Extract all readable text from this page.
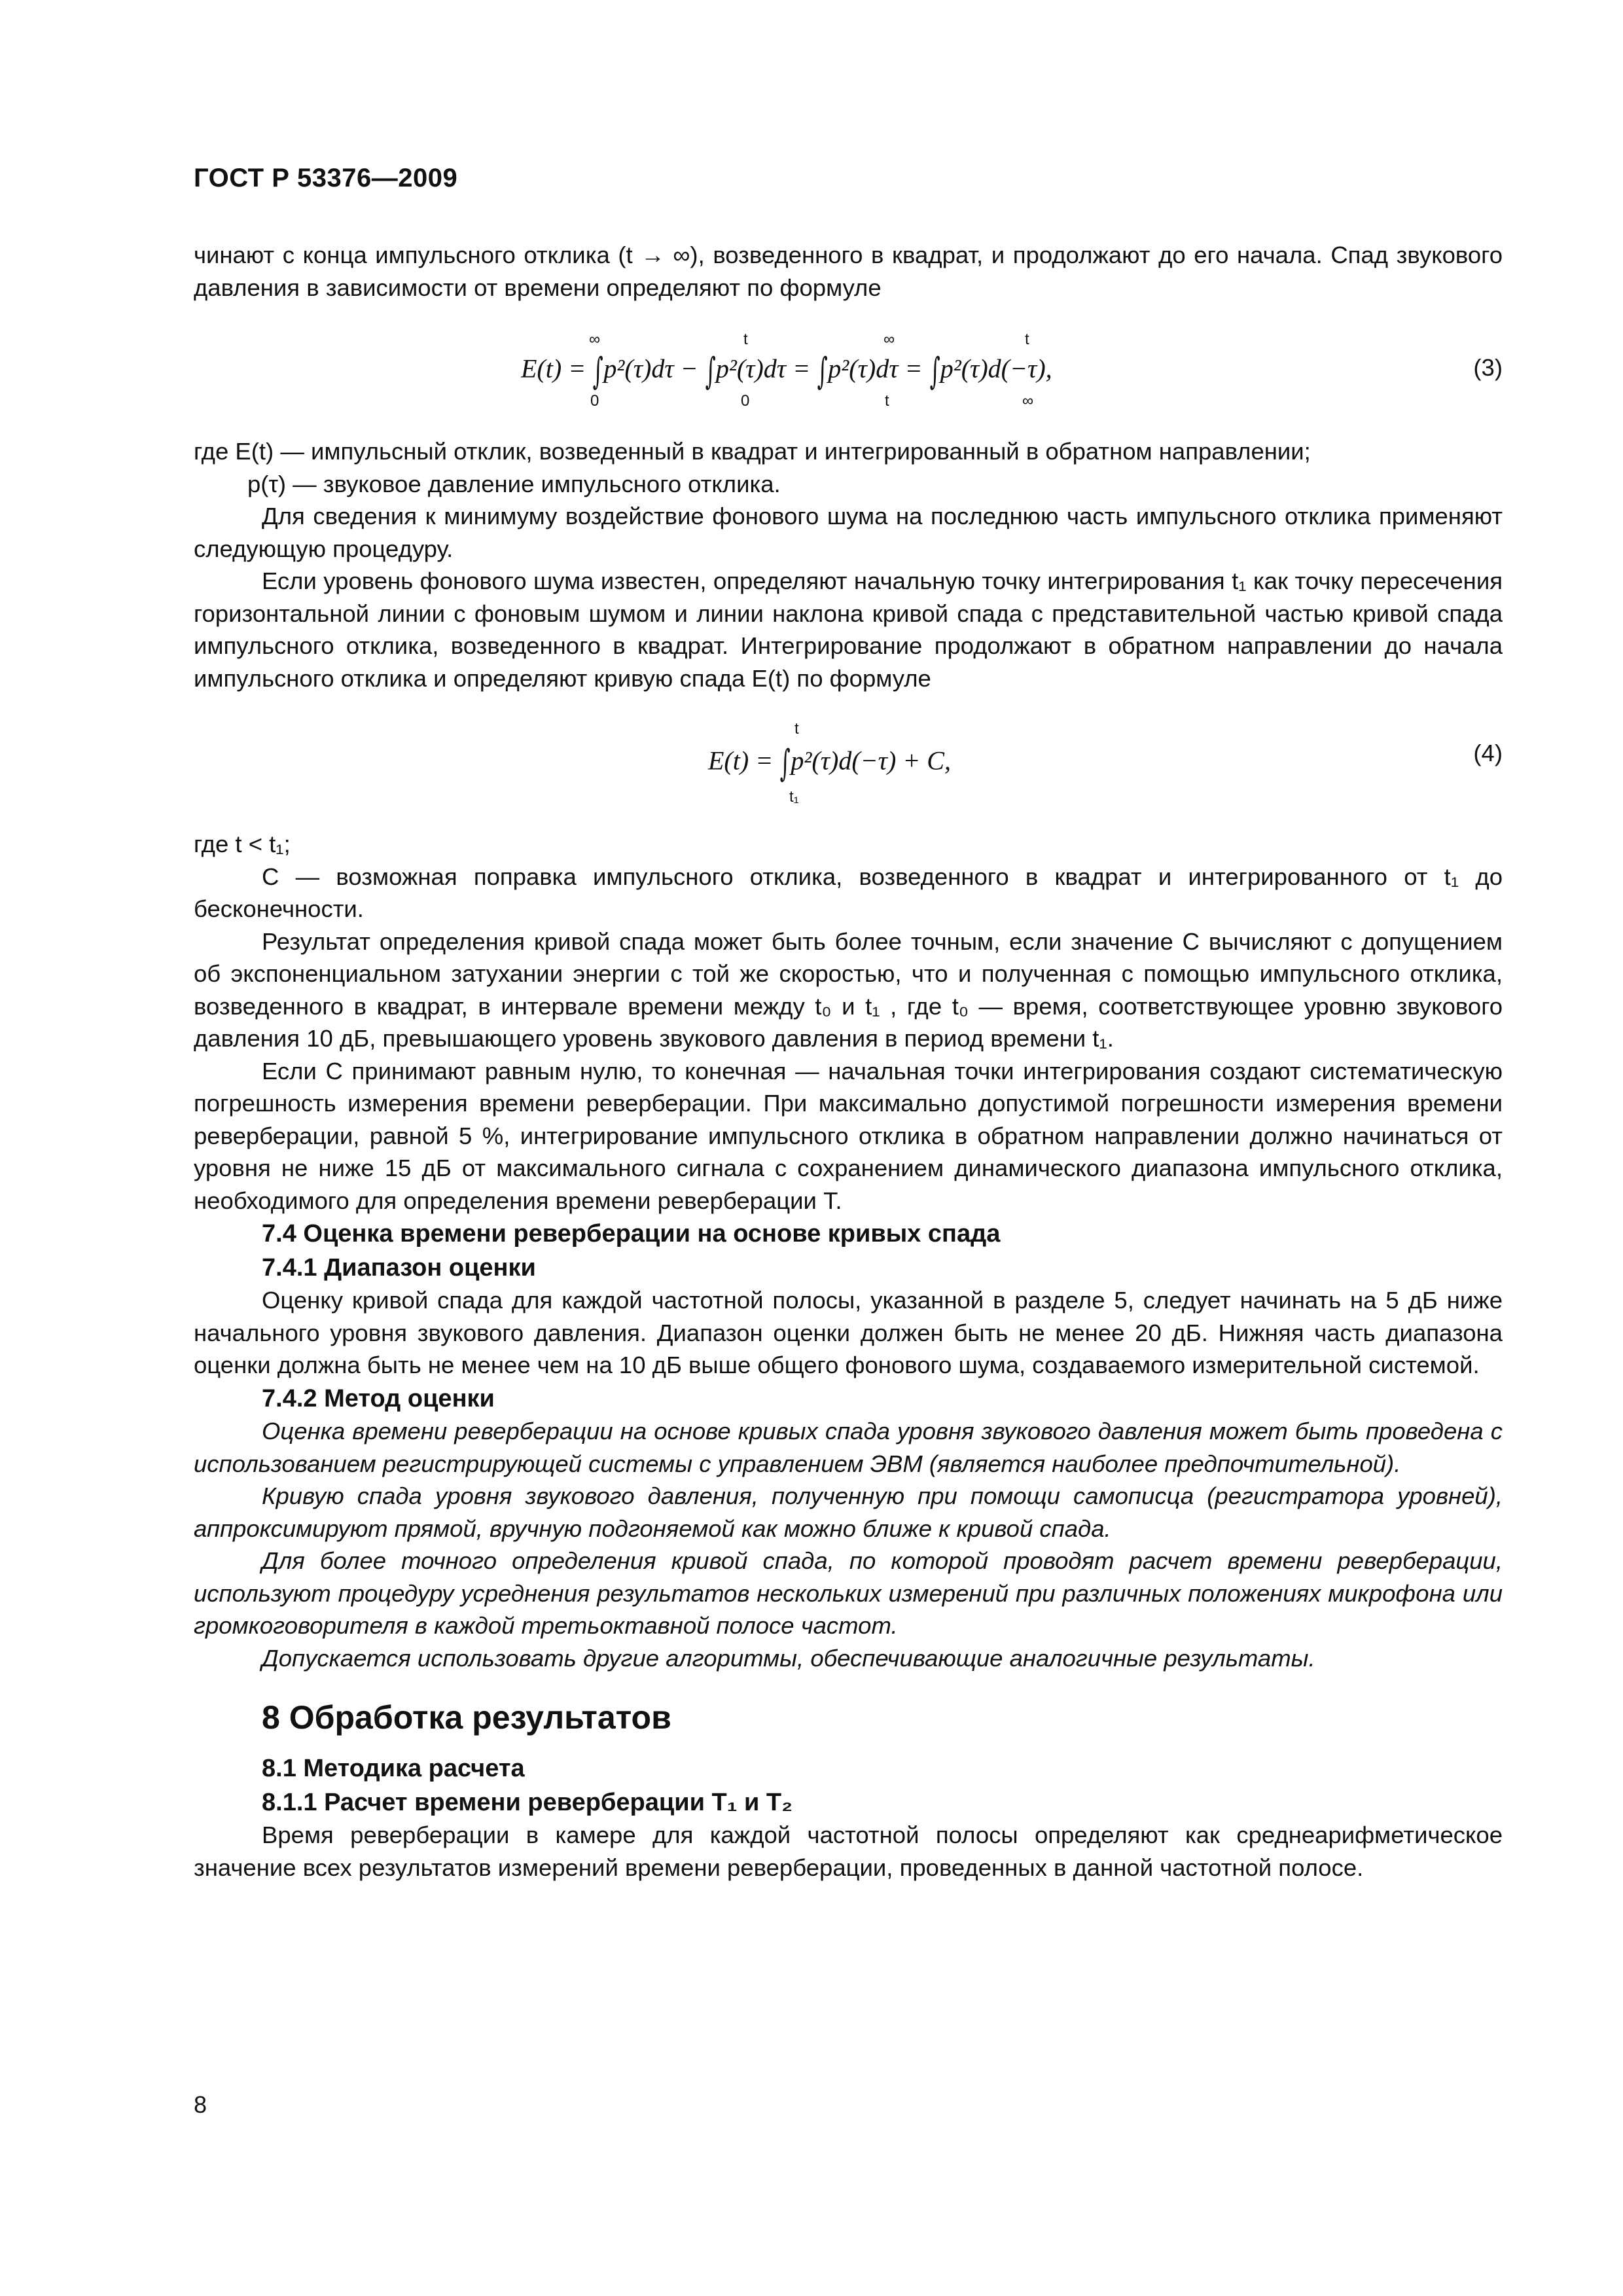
ГОСТ Р 53376—2009

чинают с конца импульсного отклика (t → ∞), возведенного в квадрат, и продолжают до его начала. Спад звукового давления в зависимости от времени определяют по формуле

E(t) = ∫p²(τ)dτ − ∫p²(τ)dτ = ∫p²(τ)dτ = ∫p²(τ)d(−τ),
∞
0
t
0
∞
t
t
∞
(3)

где E(t) — импульсный отклик, возведенный в квадрат и интегрированный в обратном направлении;

p(τ) — звуковое давление импульсного отклика.

Для сведения к минимуму воздействие фонового шума на последнюю часть импульсного отклика применяют следующую процедуру.

Если уровень фонового шума известен, определяют начальную точку интегрирования t₁ как точку пересечения горизонтальной линии с фоновым шумом и линии наклона кривой спада с представительной частью кривой спада импульсного отклика, возведенного в квадрат. Интегрирование продолжают в обратном направлении до начала импульсного отклика и определяют кривую спада E(t) по формуле

E(t) = ∫p²(τ)d(−τ) + C,
t
t₁
(4)

где t < t₁;

C — возможная поправка импульсного отклика, возведенного в квадрат и интегрированного от t₁ до бесконечности.

Результат определения кривой спада может быть более точным, если значение C вычисляют с допущением об экспоненциальном затухании энергии с той же скоростью, что и полученная с помощью импульсного отклика, возведенного в квадрат, в интервале времени между t₀ и t₁ , где t₀ — время, соответствующее уровню звукового давления 10 дБ, превышающего уровень звукового давления в период времени t₁.

Если C принимают равным нулю, то конечная — начальная точки интегрирования создают систематическую погрешность измерения времени реверберации. При максимально допустимой погрешности измерения времени реверберации, равной 5 %, интегрирование импульсного отклика в обратном направлении должно начинаться от уровня не ниже 15 дБ от максимального сигнала с сохранением динамического диапазона импульсного отклика, необходимого для определения времени реверберации T.

7.4 Оценка времени реверберации на основе кривых спада

7.4.1 Диапазон оценки

Оценку кривой спада для каждой частотной полосы, указанной в разделе 5, следует начинать на 5 дБ ниже начального уровня звукового давления. Диапазон оценки должен быть не менее 20 дБ. Нижняя часть диапазона оценки должна быть не менее чем на 10 дБ выше общего фонового шума, создаваемого измерительной системой.

7.4.2 Метод оценки

Оценка времени реверберации на основе кривых спада уровня звукового давления может быть проведена с использованием регистрирующей системы с управлением ЭВМ (является наиболее предпочтительной).

Кривую спада уровня звукового давления, полученную при помощи самописца (регистратора уровней), аппроксимируют прямой, вручную подгоняемой как можно ближе к кривой спада.

Для более точного определения кривой спада, по которой проводят расчет времени реверберации, используют процедуру усреднения результатов нескольких измерений при различных положениях микрофона или громкоговорителя в каждой третьоктавной полосе частот.

Допускается использовать другие алгоритмы, обеспечивающие аналогичные результаты.

8 Обработка результатов

8.1 Методика расчета

8.1.1 Расчет времени реверберации T₁ и T₂

Время реверберации в камере для каждой частотной полосы определяют как среднеарифметическое значение всех результатов измерений времени реверберации, проведенных в данной частотной полосе.

8
